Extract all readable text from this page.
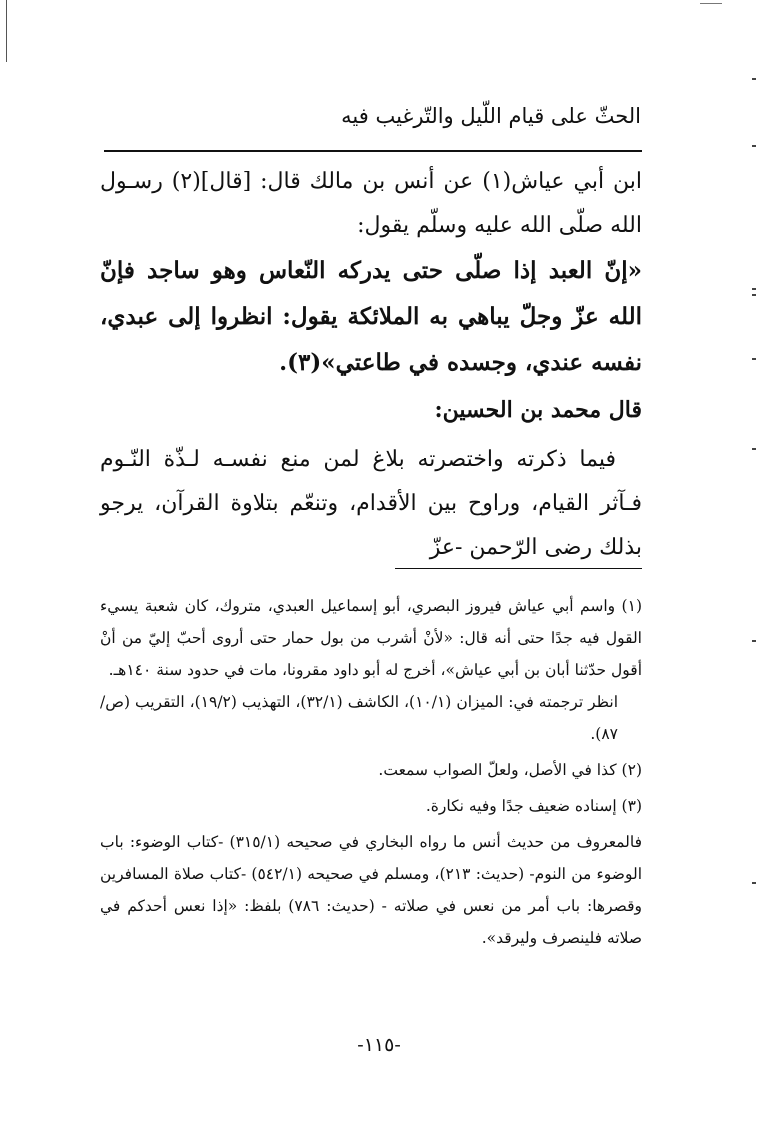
الحثّ على قيام اللّيل والتّرغيب فيه

ابن أبي عياش(١) عن أنس بن مالك قال: [قال](٢) رسـول الله صلّى الله عليه وسلّم يقول:

«إنّ العبد إذا صلّى حتى يدركه النّعاس وهو ساجد فإنّ الله عزّ وجلّ يباهي به الملائكة يقول: انظروا إلى عبدي، نفسه عندي، وجسده في طاعتي»(٣).

قال محمد بن الحسين:

فيما ذكرته واختصرته بلاغ لمن منع نفسـه لـذّة النّـوم فـآثر القيام، وراوح بين الأقدام، وتنعّم بتلاوة القرآن، يرجو بذلك رضى الرّحمن -عزّ

(١) واسم أبي عياش فيروز البصري، أبو إسماعيل العبدي، متروك، كان شعبة يسيء القول فيه جدًا حتى أنه قال: «لأنْ أشرب من بول حمار حتى أروى أحبّ إليّ من أنْ أقول حدّثنا أبان بن أبي عياش»، أخرج له أبو داود مقرونا، مات في حدود سنة ١٤٠هـ.

انظر ترجمته في: الميزان (١٠/١)، الكاشف (٣٢/١)، التهذيب (١٩/٢)، التقريب (ص/٨٧).

(٢) كذا في الأصل، ولعلّ الصواب سمعت.

(٣) إسناده ضعيف جدًا وفيه نكارة.

فالمعروف من حديث أنس ما رواه البخاري في صحيحه (٣١٥/١) -كتاب الوضوء: باب الوضوء من النوم- (حديث: ٢١٣)، ومسلم في صحيحه (٥٤٢/١) -كتاب صلاة المسافرين وقصرها: باب أمر من نعس في صلاته - (حديث: ٧٨٦) بلفظ: «إذا نعس أحدكم في صلاته فلينصرف وليرقد».

-١١٥-
